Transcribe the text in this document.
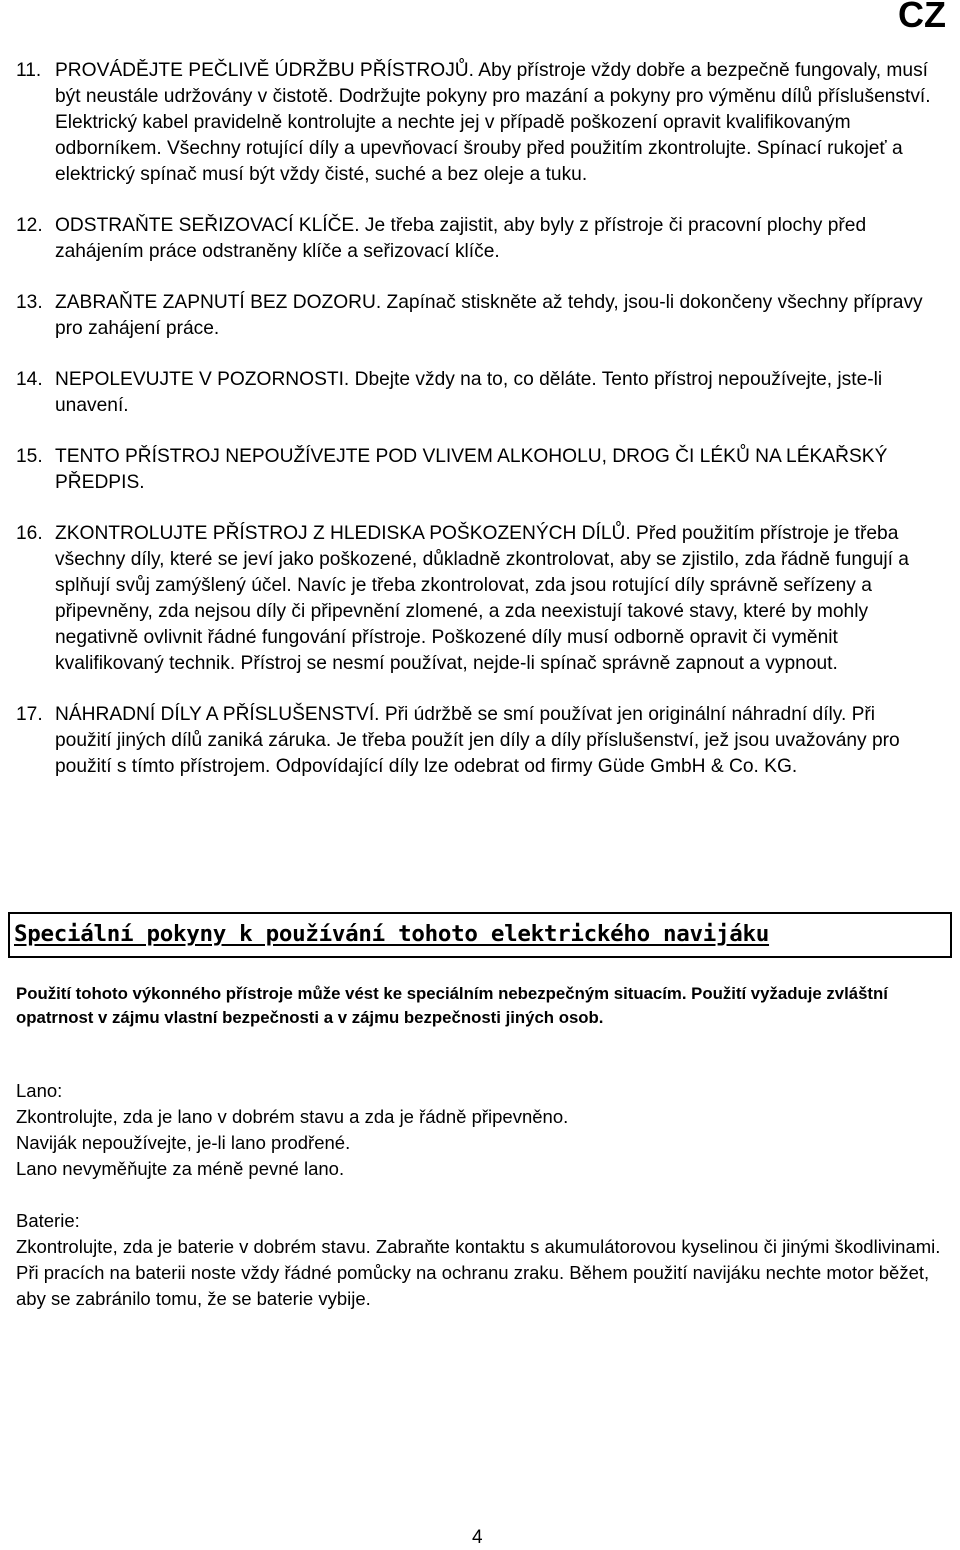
CZ
11. PROVÁDĚJTE PEČLIVĚ ÚDRŽBU PŘÍSTROJŮ. Aby přístroje vždy dobře a bezpečně fungovaly, musí být neustále udržovány v čistotě. Dodržujte pokyny pro mazání a pokyny pro výměnu dílů příslušenství. Elektrický kabel pravidelně kontrolujte a nechte jej v případě poškození opravit kvalifikovaným odborníkem. Všechny rotující díly a upevňovací šrouby před použitím zkontrolujte. Spínací rukojeť a elektrický spínač musí být vždy čisté, suché a bez oleje a tuku.
12. ODSTRAŇTE SEŘIZOVACÍ KLÍČE. Je třeba zajistit, aby byly z přístroje či pracovní plochy před zahájením práce odstraněny klíče a seřizovací klíče.
13. ZABRAŇTE ZAPNUTÍ BEZ DOZORU. Zapínač stiskněte až tehdy, jsou-li dokončeny všechny přípravy pro zahájení práce.
14. NEPOLEVUJTE V POZORNOSTI. Dbejte vždy na to, co děláte. Tento přístroj nepoužívejte, jste-li unavení.
15. TENTO PŘÍSTROJ NEPOUŽÍVEJTE POD VLIVEM ALKOHOLU, DROG ČI LÉKŮ NA LÉKAŘSKÝ PŘEDPIS.
16. ZKONTROLUJTE PŘÍSTROJ Z HLEDISKA POŠKOZENÝCH DÍLŮ. Před použitím přístroje je třeba všechny díly, které se jeví jako poškozené, důkladně zkontrolovat, aby se zjistilo, zda řádně fungují a splňují svůj zamýšlený účel. Navíc je třeba zkontrolovat, zda jsou rotující díly správně seřízeny a připevněny, zda nejsou díly či připevnění zlomené, a zda neexistují takové stavy, které by mohly negativně ovlivnit řádné fungování přístroje. Poškozené díly musí odborně opravit či vyměnit kvalifikovaný technik. Přístroj se nesmí používat, nejde-li spínač správně zapnout a vypnout.
17. NÁHRADNÍ DÍLY A PŘÍSLUŠENSTVÍ. Při údržbě se smí používat jen originální náhradní díly. Při použití jiných dílů zaniká záruka. Je třeba použít jen díly a díly příslušenství, jež jsou uvažovány pro použití s tímto přístrojem. Odpovídající díly lze odebrat od firmy Güde GmbH & Co. KG.
Speciální pokyny k používání tohoto elektrického navijáku
Použití tohoto výkonného přístroje může vést ke speciálním nebezpečným situacím. Použití vyžaduje zvláštní opatrnost v zájmu vlastní bezpečnosti a v zájmu bezpečnosti jiných osob.
Lano:
Zkontrolujte, zda je lano v dobrém stavu a zda je řádně připevněno.
Naviják nepoužívejte, je-li lano prodřené.
Lano nevyměňujte za méně pevné lano.
Baterie:
Zkontrolujte, zda je baterie v dobrém stavu. Zabraňte kontaktu s akumulátorovou kyselinou či jinými škodlivinami. Při pracích na baterii noste vždy řádné pomůcky na ochranu zraku. Během použití navijáku nechte motor běžet, aby se zabránilo tomu, že se baterie vybije.
4
